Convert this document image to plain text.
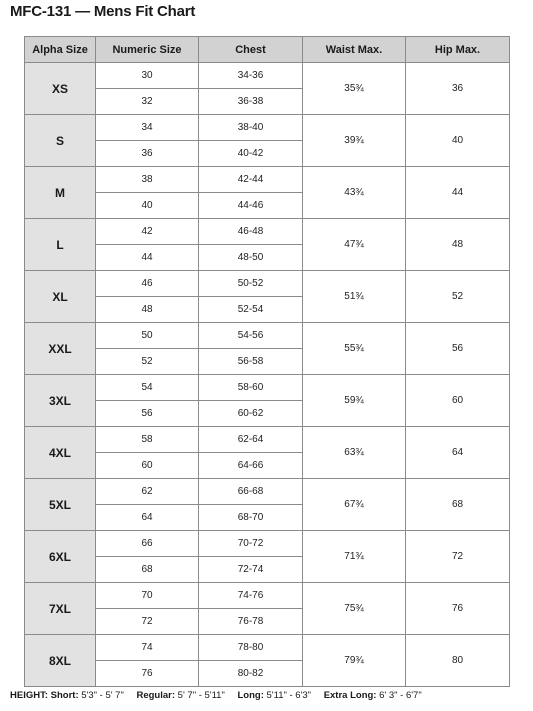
MFC-131 — Mens Fit Chart
Alpha Size	Numeric Size	Chest	Waist Max.	Hip Max.
XS	30	34-36	35¾	36
	32	36-38		
S	34	38-40	39¾	40
	36	40-42		
M	38	42-44	43¾	44
	40	44-46		
L	42	46-48	47¾	48
	44	48-50		
XL	46	50-52	51¾	52
	48	52-54		
XXL	50	54-56	55¾	56
	52	56-58		
3XL	54	58-60	59¾	60
	56	60-62		
4XL	58	62-64	63¾	64
	60	64-66		
5XL	62	66-68	67¾	68
	64	68-70		
6XL	66	70-72	71¾	72
	68	72-74		
7XL	70	74-76	75¾	76
	72	76-78		
8XL	74	78-80	79¾	80
	76	80-82		
HEIGHT: Short: 5'3" - 5' 7" Regular: 5' 7" - 5'11" Long: 5'11" - 6'3" Extra Long: 6' 3" - 6'7"
